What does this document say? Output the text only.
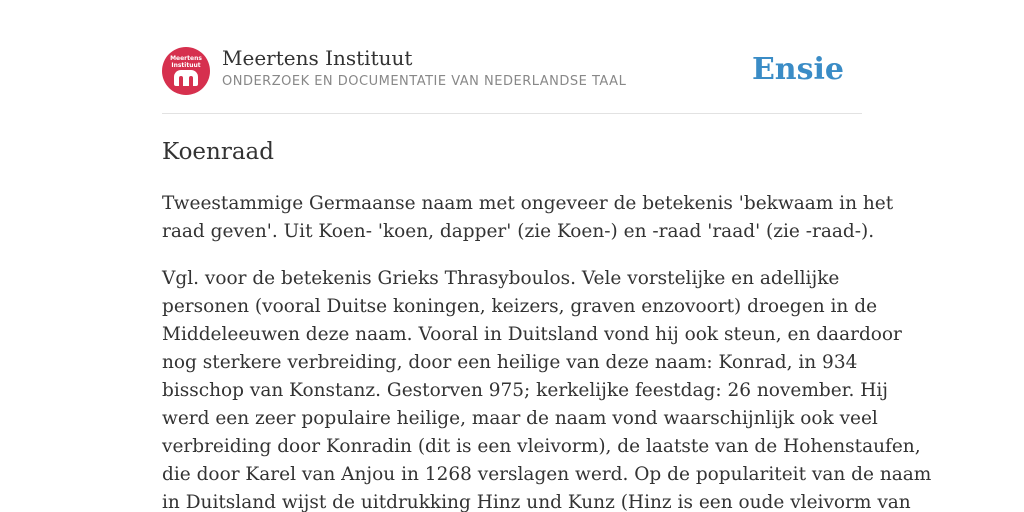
Meertens
Instituut	Meertens Instituut
ONDERZOEK EN DOCUMENTATIE VAN NEDERLANDSE TAAL	Ensie
Koenraad

Tweestammige Germaanse naam met ongeveer de betekenis 'bekwaam in het
raad geven'. Uit Koen- 'koen, dapper' (zie Koen-) en -raad 'raad' (zie -raad-).

Vgl. voor de betekenis Grieks Thrasyboulos. Vele vorstelijke en adellijke
personen (vooral Duitse koningen, keizers, graven enzovoort) droegen in de
Middeleeuwen deze naam. Vooral in Duitsland vond hij ook steun, en daardoor
nog sterkere verbreiding, door een heilige van deze naam: Konrad, in 934
bisschop van Konstanz. Gestorven 975; kerkelijke feestdag: 26 november. Hij
werd een zeer populaire heilige, maar de naam vond waarschijnlijk ook veel
verbreiding door Konradin (dit is een vleivorm), de laatste van de Hohenstaufen,
die door Karel van Anjou in 1268 verslagen werd. Op de populariteit van de naam
in Duitsland wijst de uitdrukking Hinz und Kunz (Hinz is een oude vleivorm van
